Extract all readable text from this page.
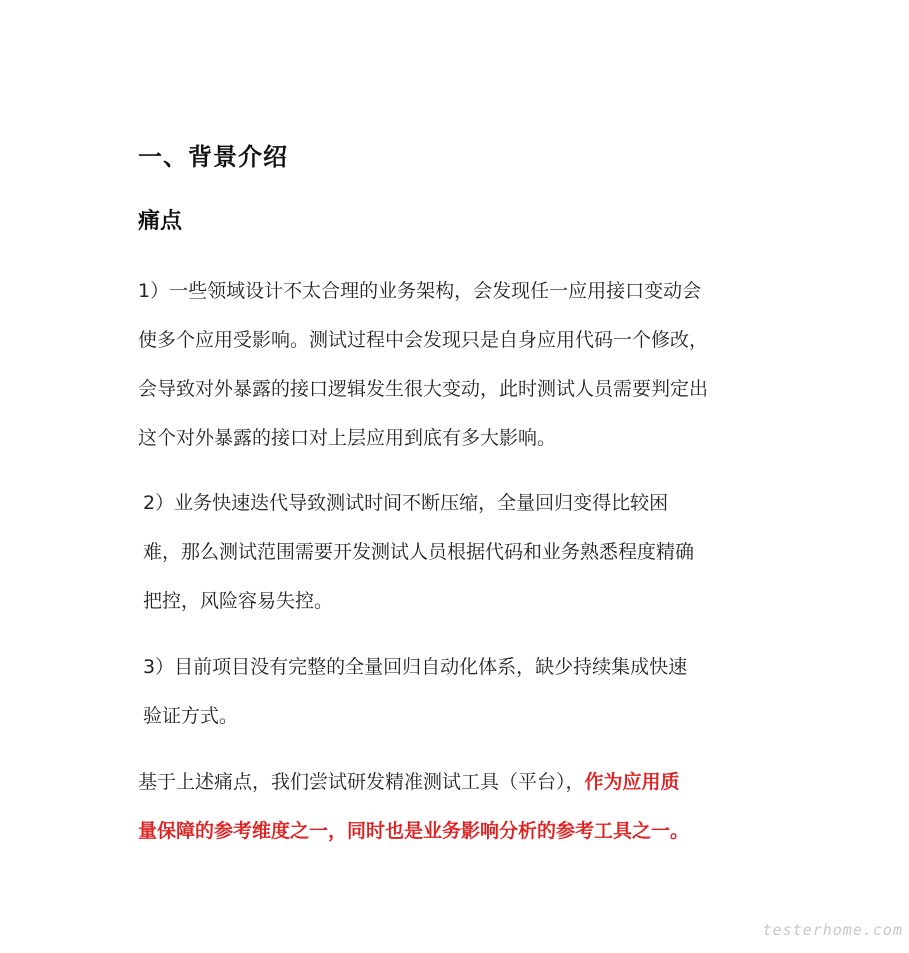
一、背景介绍
痛点
1）一些领域设计不太合理的业务架构，会发现任一应用接口变动会
使多个应用受影响。测试过程中会发现只是自身应用代码一个修改，
会导致对外暴露的接口逻辑发生很大变动，此时测试人员需要判定出
这个对外暴露的接口对上层应用到底有多大影响。
2）业务快速迭代导致测试时间不断压缩，全量回归变得比较困
难，那么测试范围需要开发测试人员根据代码和业务熟悉程度精确
把控，风险容易失控。
3）目前项目没有完整的全量回归自动化体系，缺少持续集成快速
验证方式。
基于上述痛点，我们尝试研发精准测试工具（平台），作为应用质
量保障的参考维度之一，同时也是业务影响分析的参考工具之一。
testerhome.com
